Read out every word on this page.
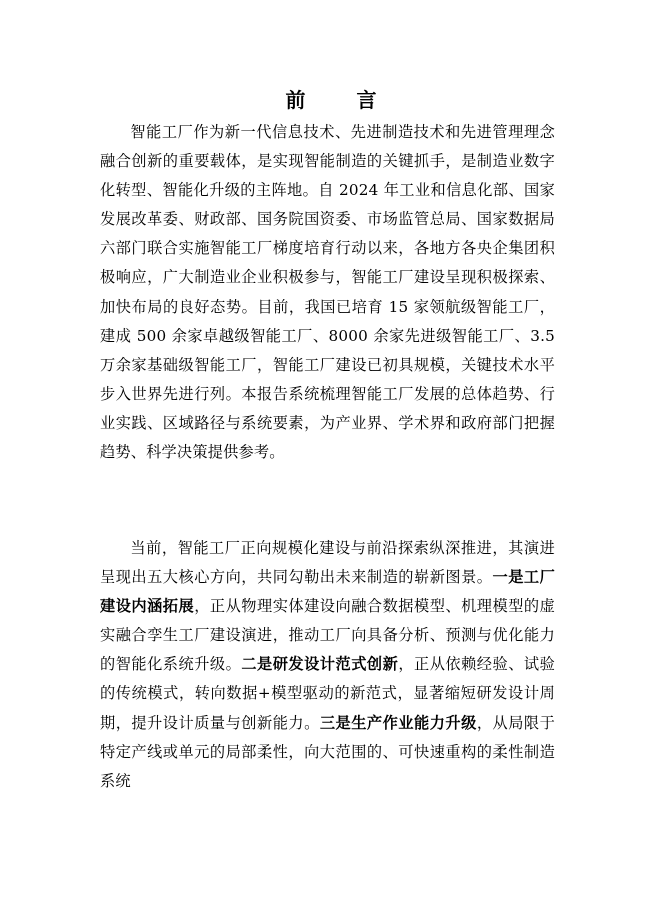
前 言

智能工厂作为新一代信息技术、先进制造技术和先进管理理念融合创新的重要载体，是实现智能制造的关键抓手，是制造业数字化转型、智能化升级的主阵地。自 2024 年工业和信息化部、国家发展改革委、财政部、国务院国资委、市场监管总局、国家数据局六部门联合实施智能工厂梯度培育行动以来，各地方各央企集团积极响应，广大制造业企业积极参与，智能工厂建设呈现积极探索、加快布局的良好态势。目前，我国已培育 15 家领航级智能工厂，建成 500 余家卓越级智能工厂、8000 余家先进级智能工厂、3.5 万余家基础级智能工厂，智能工厂建设已初具规模，关键技术水平步入世界先进行列。本报告系统梳理智能工厂发展的总体趋势、行业实践、区域路径与系统要素，为产业界、学术界和政府部门把握趋势、科学决策提供参考。

当前，智能工厂正向规模化建设与前沿探索纵深推进，其演进呈现出五大核心方向，共同勾勒出未来制造的崭新图景。一是工厂建设内涵拓展，正从物理实体建设向融合数据模型、机理模型的虚实融合孪生工厂建设演进，推动工厂向具备分析、预测与优化能力的智能化系统升级。二是研发设计范式创新，正从依赖经验、试验的传统模式，转向数据+模型驱动的新范式，显著缩短研发设计周期，提升设计质量与创新能力。三是生产作业能力升级，从局限于特定产线或单元的局部柔性，向大范围的、可快速重构的柔性制造系统
